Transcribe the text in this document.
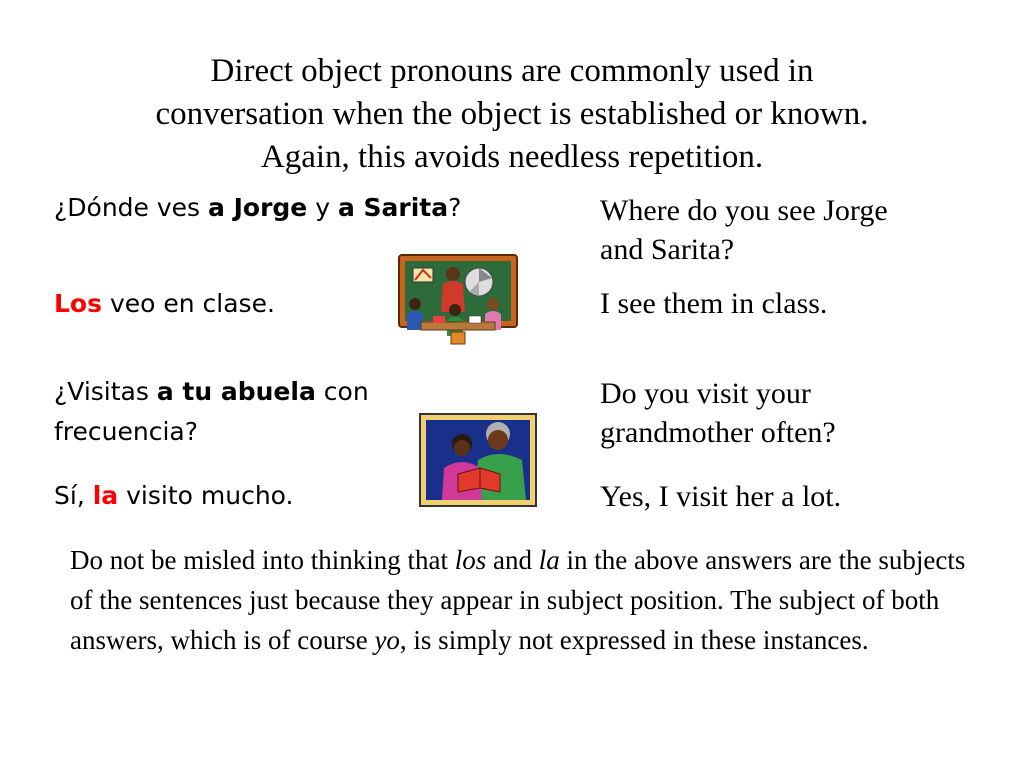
Direct object pronouns are commonly used in
conversation when the object is established or known.
Again, this avoids needless repetition.
¿Dónde ves a Jorge y a Sarita?
Los veo en clase.
¿Visitas a tu abuela con
frecuencia?
Sí, la visito mucho.
Where do you see Jorge
and Sarita?
I see them in class.
Do you visit your
grandmother often?
Yes, I visit her a lot.
Do not be misled into thinking that los and la in the above answers are the subjects of the sentences just because they appear in subject position. The subject of both answers, which is of course yo, is simply not expressed in these instances.
